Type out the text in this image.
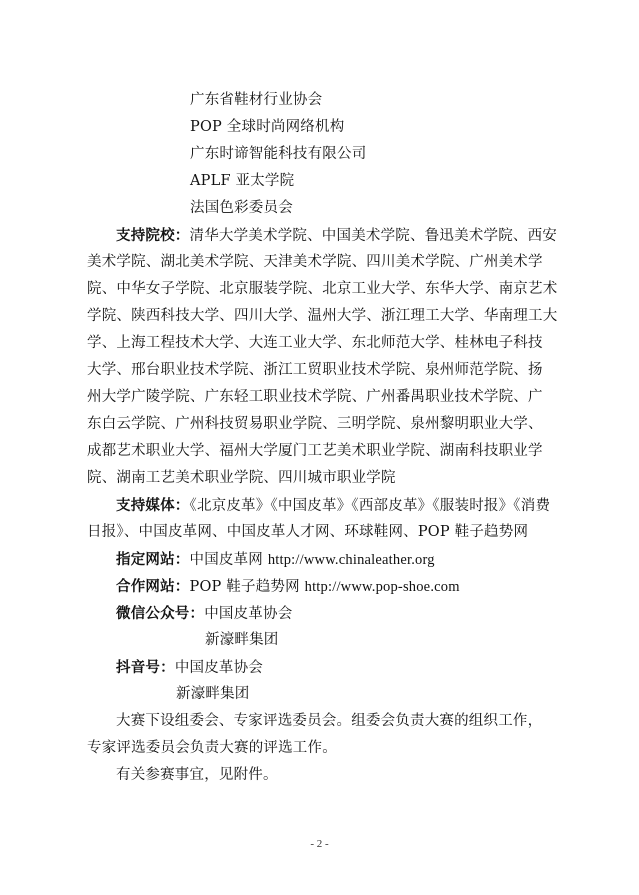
广东省鞋材行业协会
POP 全球时尚网络机构
广东时谛智能科技有限公司
APLF 亚太学院
法国色彩委员会
支持院校：清华大学美术学院、中国美术学院、鲁迅美术学院、西安
美术学院、湖北美术学院、天津美术学院、四川美术学院、广州美术学
院、中华女子学院、北京服装学院、北京工业大学、东华大学、南京艺术
学院、陕西科技大学、四川大学、温州大学、浙江理工大学、华南理工大
学、上海工程技术大学、大连工业大学、东北师范大学、桂林电子科技
大学、邢台职业技术学院、浙江工贸职业技术学院、泉州师范学院、扬
州大学广陵学院、广东轻工职业技术学院、广州番禺职业技术学院、广
东白云学院、广州科技贸易职业学院、三明学院、泉州黎明职业大学、
成都艺术职业大学、福州大学厦门工艺美术职业学院、湖南科技职业学
院、湖南工艺美术职业学院、四川城市职业学院
支持媒体：《北京皮革》《中国皮革》《西部皮革》《服装时报》《消费
日报》、中国皮革网、中国皮革人才网、环球鞋网、POP 鞋子趋势网
指定网站：中国皮革网 http://www.chinaleather.org
合作网站：POP 鞋子趋势网 http://www.pop-shoe.com
微信公众号：中国皮革协会
新濠畔集团
抖音号：中国皮革协会
新濠畔集团
大赛下设组委会、专家评选委员会。组委会负责大赛的组织工作，
专家评选委员会负责大赛的评选工作。
有关参赛事宜，见附件。
- 2 -
